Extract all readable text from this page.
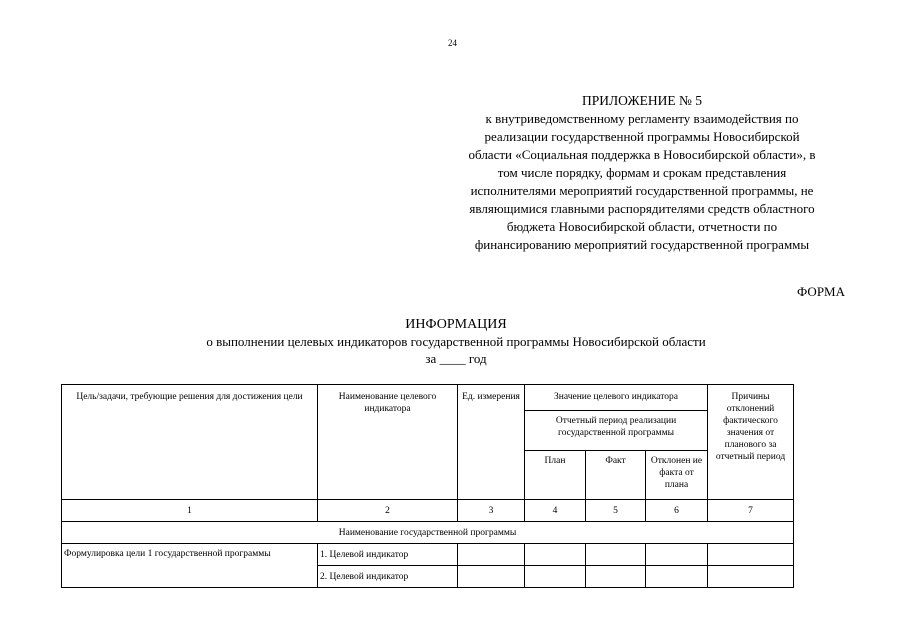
24
ПРИЛОЖЕНИЕ № 5
к внутриведомственному регламенту взаимодействия по
реализации государственной программы Новосибирской
области «Социальная поддержка в Новосибирской области», в
том числе порядку, формам и срокам представления
исполнителями мероприятий государственной программы, не
являющимися главными распорядителями средств областного
бюджета Новосибирской области, отчетности по
финансированию мероприятий государственной программы
ФОРМА
ИНФОРМАЦИЯ
о выполнении целевых индикаторов государственной программы Новосибирской области
за ____ год
Цель/задачи, требующие решения для достижения цели	Наименование целевого индикатора	Ед. измерения	Значение целевого индикатора			Причины отклонений фактического значения от планового за отчетный период
			Отчетный период реализации государственной программы			
			План	Факт	Отклонен ие факта от плана	
1	2	3	4	5	6	7
Наименование государственной программы						
Формулировка цели 1 государственной программы	1. Целевой индикатор					
	2. Целевой индикатор					
